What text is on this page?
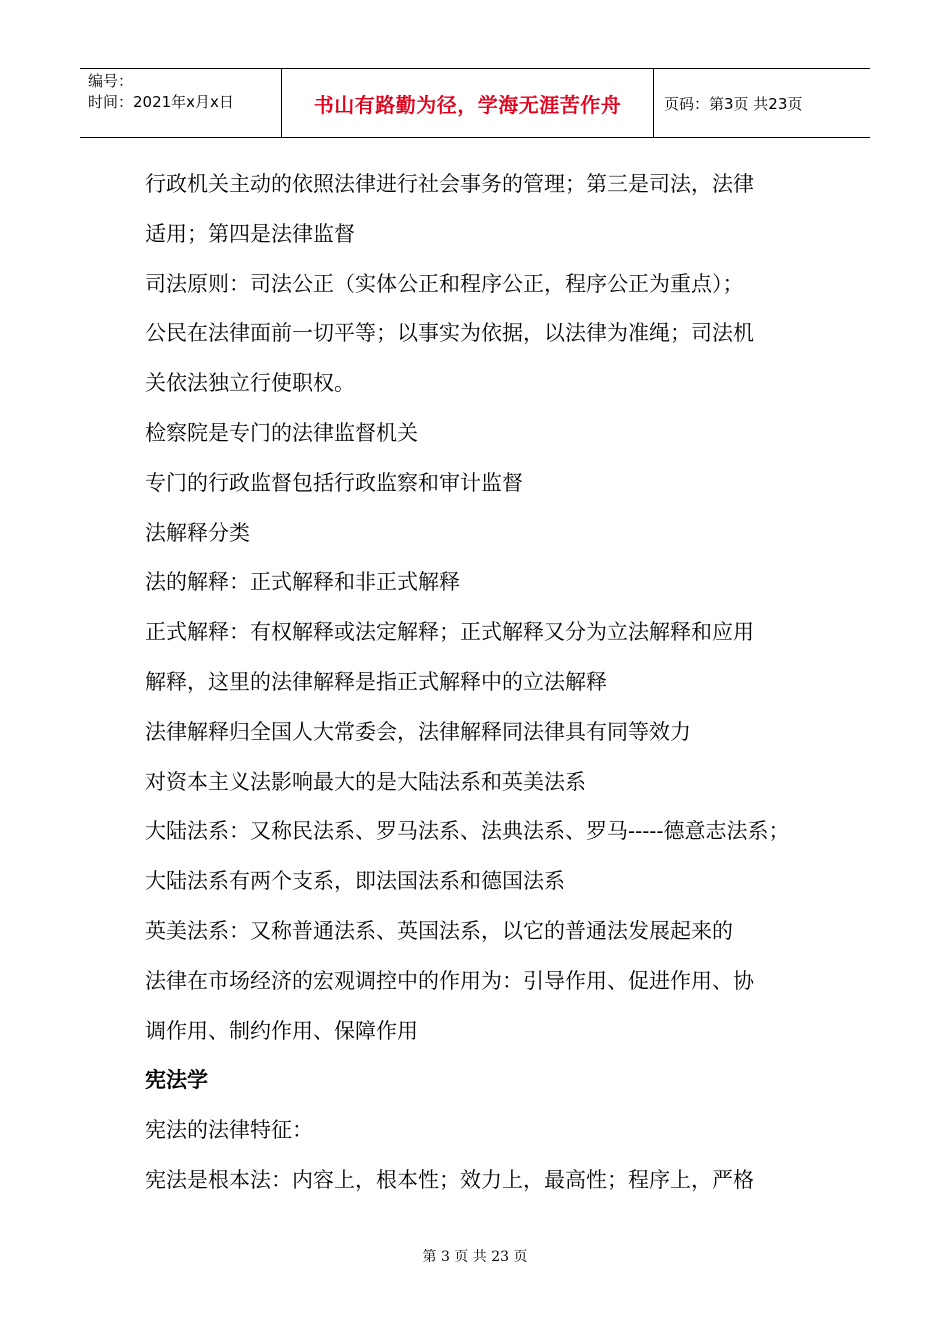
编号：
时间：2021年x月x日	书山有路勤为径，学海无涯苦作舟	页码：第3页 共23页
行政机关主动的依照法律进行社会事务的管理；第三是司法，法律
适用；第四是法律监督
司法原则：司法公正（实体公正和程序公正，程序公正为重点）；
公民在法律面前一切平等；以事实为依据，以法律为准绳；司法机
关依法独立行使职权。
检察院是专门的法律监督机关
专门的行政监督包括行政监察和审计监督
法解释分类
法的解释：正式解释和非正式解释
正式解释：有权解释或法定解释；正式解释又分为立法解释和应用
解释，这里的法律解释是指正式解释中的立法解释
法律解释归全国人大常委会，法律解释同法律具有同等效力
对资本主义法影响最大的是大陆法系和英美法系
大陆法系：又称民法系、罗马法系、法典法系、罗马-----德意志法系；
大陆法系有两个支系，即法国法系和德国法系
英美法系：又称普通法系、英国法系，以它的普通法发展起来的
法律在市场经济的宏观调控中的作用为：引导作用、促进作用、协
调作用、制约作用、保障作用
宪法学
宪法的法律特征：
宪法是根本法：内容上，根本性；效力上，最高性；程序上，严格
第 3 页 共 23 页
